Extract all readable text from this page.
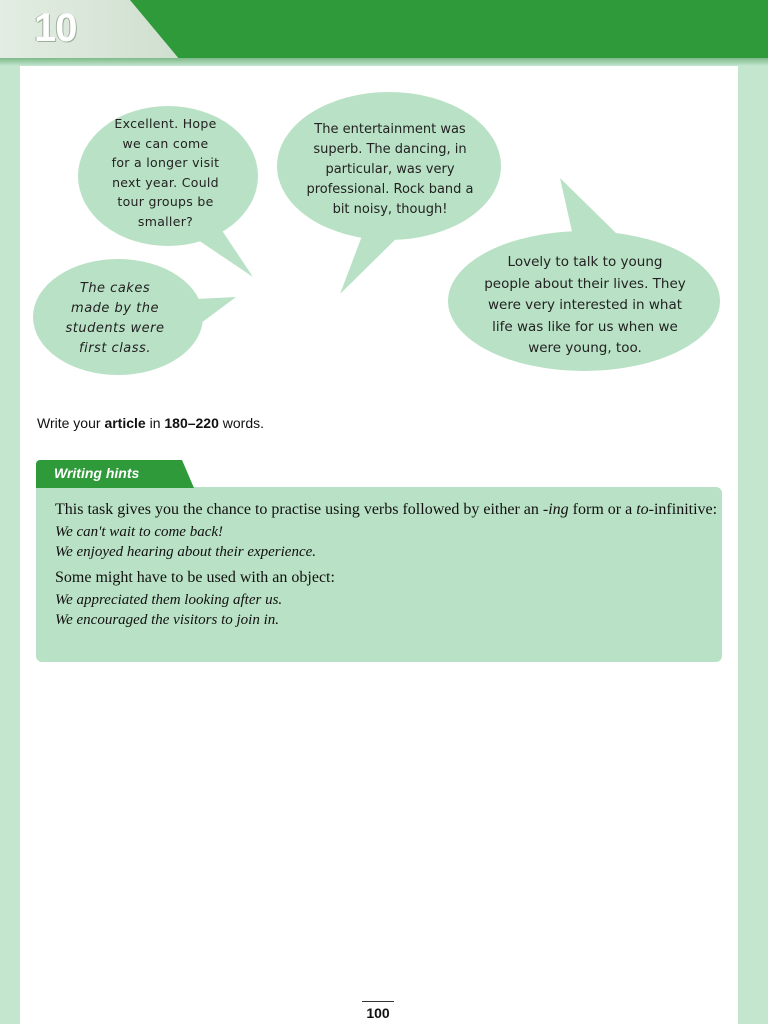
10
Excellent. Hope
we can come
for a longer visit
next year. Could
tour groups be
smaller?
The entertainment was
superb. The dancing, in
particular, was very
professional. Rock band a
bit noisy, though!
Lovely to talk to young
people about their lives. They
were very interested in what
life was like for us when we
were young, too.
The cakes
made by the
students were
first class.
Write your article in 180–220 words.
Writing hints

This task gives you the chance to practise using verbs followed by either an -ing form or a to-infinitive:

We can't wait to come back!

We enjoyed hearing about their experience.

Some might have to be used with an object:

We appreciated them looking after us.

We encouraged the visitors to join in.

100
